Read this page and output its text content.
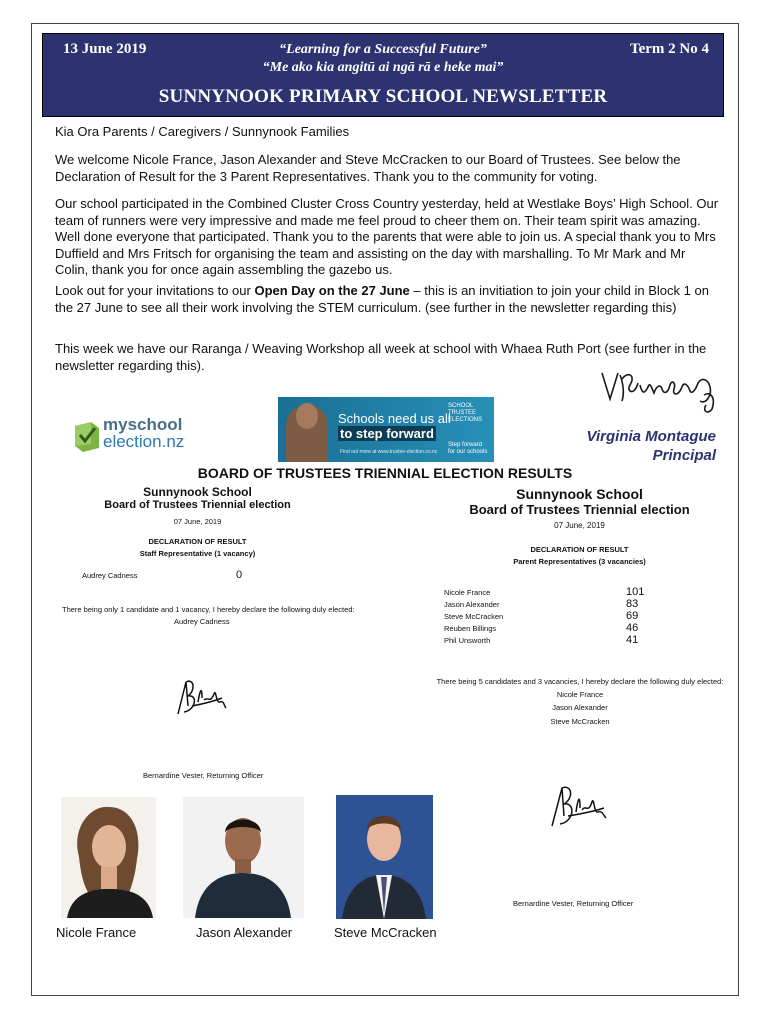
13 June 2019	“Learning for a Successful Future”
“Me ako kia angitū ai ngā rā e heke mai”
Term 2 No 4
SUNNYNOOK PRIMARY SCHOOL NEWSLETTER

Kia Ora Parents / Caregivers / Sunnynook Families

We welcome Nicole France, Jason Alexander and Steve McCracken to our Board of Trustees. See below the Declaration of Result for the 3 Parent Representatives. Thank you to the community for voting.

Our school participated in the Combined Cluster Cross Country yesterday, held at Westlake Boys’ High School. Our team of runners were very impressive and made me feel proud to cheer them on. Their team spirit was amazing. Well done everyone that participated. Thank you to the parents that were able to join us. A special thank you to Mrs Duffield and Mrs Fritsch for organising the team and assisting on the day with marshalling. To Mr Mark and Mr Colin, thank you for once again assembling the gazebo us.

Look out for your invitations to our Open Day on the 27 June – this is an invitiation to join your child in Block 1 on the 27 June to see all their work involving the STEM curriculum. (see further in the newsletter regarding this)

This week we have our Raranga / Weaving Workshop all week at school with Whaea Ruth Port (see further in the newsletter regarding this).

Virginia Montague
Principal
myschool
election.nz
Schools need us all
to step forward
Find out more at www.trustee-election.co.nz
SCHOOL TRUSTEE ELECTIONS
Step forward for our schools
BOARD OF TRUSTEES TRIENNIAL ELECTION RESULTS
Sunnynook School
Board of Trustees Triennial election
07 June, 2019
DECLARATION OF RESULT
Staff Representative (1 vacancy)
Audrey Cadness	0
There being only 1 candidate and 1 vacancy, I hereby declare the following duly elected:
Audrey Cadness
Bernardine Vester, Returning Officer
Sunnynook School
Board of Trustees Triennial election
07 June, 2019
DECLARATION OF RESULT
Parent Representatives (3 vacancies)
Nicole France	101
Jason Alexander	83
Steve McCracken	69
Reuben Billings	46
Phil Unsworth	41
There being 5 candidates and 3 vacancies, I hereby declare the following duly elected:
Nicole France
Jason Alexander
Steve McCracken
Bernardine Vester, Returning Officer
Nicole France	Jason Alexander	Steve McCracken
